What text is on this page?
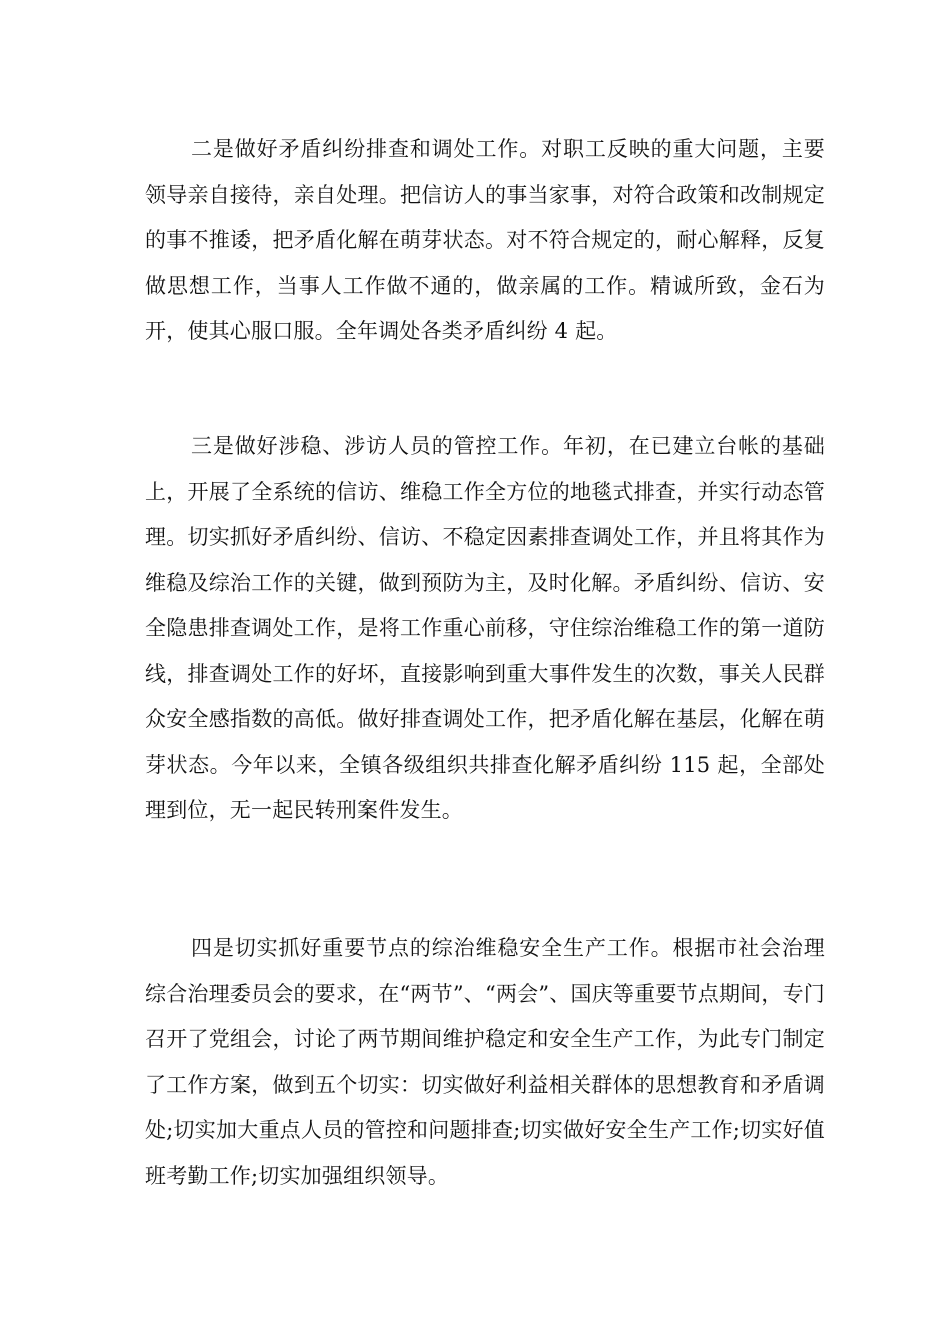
二是做好矛盾纠纷排查和调处工作。对职工反映的重大问题，主要领导亲自接待，亲自处理。把信访人的事当家事，对符合政策和改制规定的事不推诿，把矛盾化解在萌芽状态。对不符合规定的，耐心解释，反复做思想工作，当事人工作做不通的，做亲属的工作。精诚所致，金石为开，使其心服口服。全年调处各类矛盾纠纷 4 起。

三是做好涉稳、涉访人员的管控工作。年初，在已建立台帐的基础上，开展了全系统的信访、维稳工作全方位的地毯式排查，并实行动态管理。切实抓好矛盾纠纷、信访、不稳定因素排查调处工作，并且将其作为维稳及综治工作的关键，做到预防为主，及时化解。矛盾纠纷、信访、安全隐患排查调处工作，是将工作重心前移，守住综治维稳工作的第一道防线，排查调处工作的好坏，直接影响到重大事件发生的次数，事关人民群众安全感指数的高低。做好排查调处工作，把矛盾化解在基层，化解在萌芽状态。今年以来，全镇各级组织共排查化解矛盾纠纷 115 起，全部处理到位，无一起民转刑案件发生。

四是切实抓好重要节点的综治维稳安全生产工作。根据市社会治理综合治理委员会的要求，在“两节”、“两会”、国庆等重要节点期间，专门召开了党组会，讨论了两节期间维护稳定和安全生产工作，为此专门制定了工作方案，做到五个切实：切实做好利益相关群体的思想教育和矛盾调处;切实加大重点人员的管控和问题排查;切实做好安全生产工作;切实好值班考勤工作;切实加强组织领导。
